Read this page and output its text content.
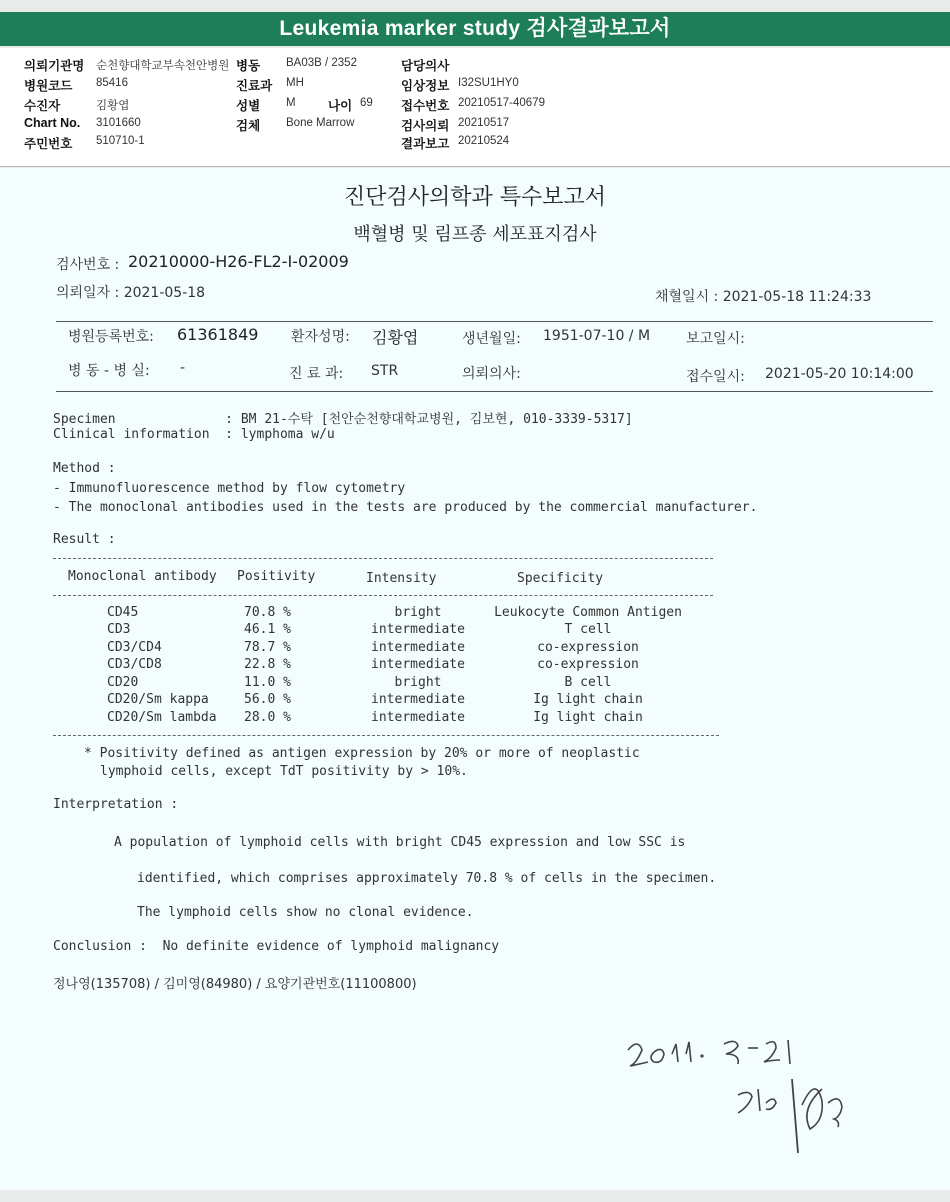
Leukemia marker study 검사결과보고서
의뢰기관명 순천향대학교부속천안병원 병동 BA03B / 2352	담당의사
병원코드 85416	진료과 MH	임상정보 I32SU1HY0
수진자	김황엽	성별 M	나이 69 접수번호 20210517-40679
Chart No. 3101660	검체 Bone Marrow	검사의뢰 20210517
주민번호 510710-1	결과보고 20210524
진단검사의학과 특수보고서
백혈병 및 림프종 세포표지검사
검사번호 : 20210000-H26-FL2-I-02009
의뢰일자 : 2021-05-18	채혈일시 : 2021-05-18 11:24:33
병원등록번호: 61361849 환자성명: 김황엽	생년월일: 1951-07-10 / M	보고일시:
병 동 - 병 실: -	진 료 과: STR	의뢰의사:	접수일시: 2021-05-20 10:14:00
Specimen              : BM 21-수탁 [천안순천향대학교병원, 김보현, 010-3339-5317]
Clinical information  : lymphoma w/u
Method :
- Immunofluorescence method by flow cytometry
- The monoclonal antibodies used in the tests are produced by the commercial manufacturer.
Result :
Monoclonal antibody Positivity	Intensity	Specificity
CD45	70.8 %	bright	Leukocyte Common Antigen
CD3	46.1 %	intermediate	T cell
CD3/CD4	78.7 %	intermediate	co-expression
CD3/CD8	22.8 %	intermediate	co-expression
CD20	11.0 %	bright	B cell
CD20/Sm kappa	56.0 %	intermediate	Ig light chain
CD20/Sm lambda 28.0 %	intermediate	Ig light chain
* Positivity defined as antigen expression by 20% or more of neoplastic
lymphoid cells, except TdT positivity by > 10%.
Interpretation :
A population of lymphoid cells with bright CD45 expression and low SSC is
identified, which comprises approximately 70.8 % of cells in the specimen.
The lymphoid cells show no clonal evidence.
Conclusion :  No definite evidence of lymphoid malignancy
정나영(135708) / 김미영(84980) / 요양기관번호(11100800)
